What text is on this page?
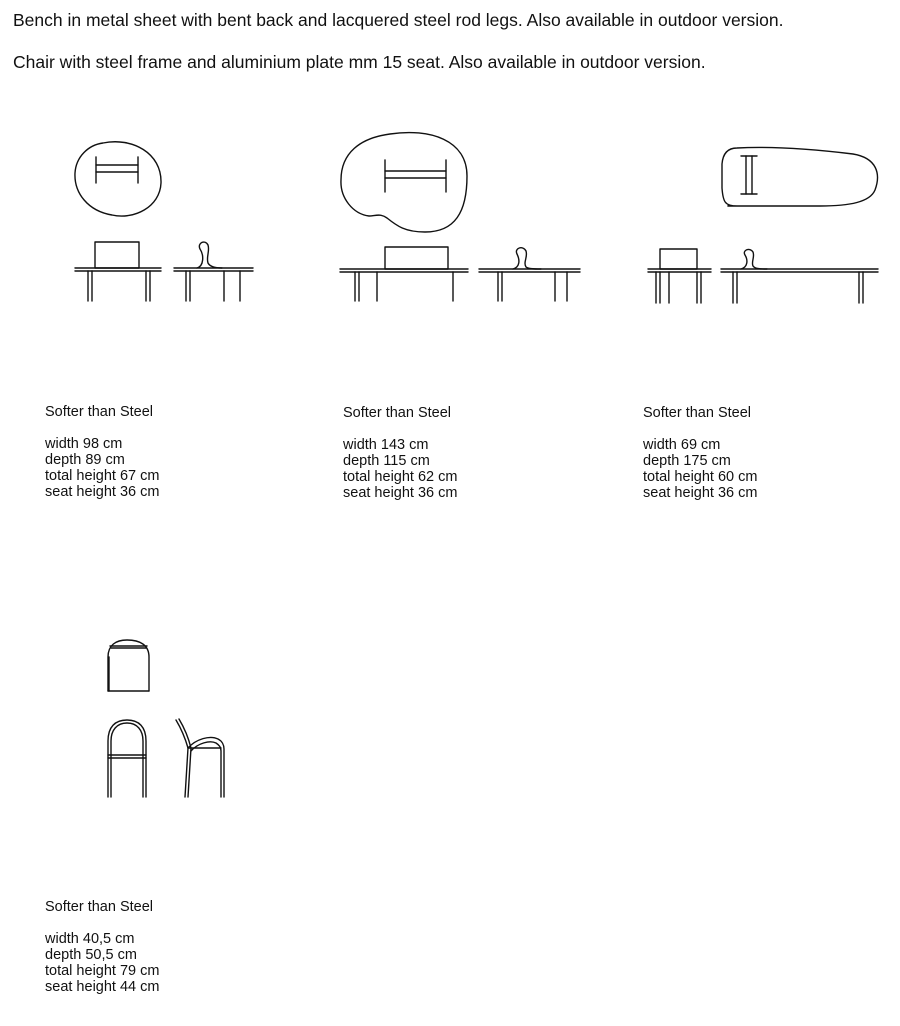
Bench in metal sheet with bent back and lacquered steel rod legs. Also available in outdoor version.

Chair with steel frame and aluminium plate mm 15 seat. Also available in outdoor version.

Softer than Steel
width 98 cm
depth 89 cm
total height 67 cm
seat height 36 cm
Softer than Steel
width 143 cm
depth 115 cm
total height 62 cm
seat height 36 cm
Softer than Steel
width 69 cm
depth 175 cm
total height 60 cm
seat height 36 cm
Softer than Steel
width 40,5 cm
depth 50,5 cm
total height 79 cm
seat height 44 cm
